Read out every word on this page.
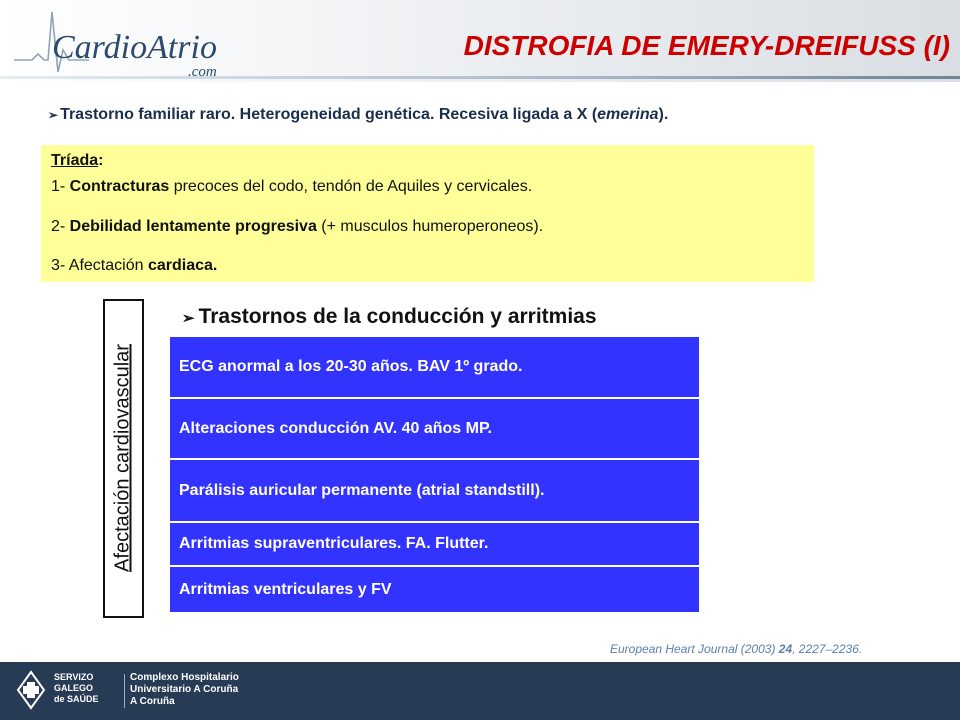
CardioAtrio
.com
DISTROFIA DE EMERY-DREIFUSS (I)
➢ Trastorno familiar raro. Heterogeneidad genética. Recesiva ligada a X (emerina).
Tríada:
1- Contracturas precoces del codo, tendón de Aquiles y cervicales.
2- Debilidad lentamente progresiva (+ musculos humeroperoneos).
3- Afectación cardiaca.
Afectación cardiovascular
➢ Trastornos de la conducción y arritmias
ECG anormal a los 20-30 años. BAV 1º grado.
Alteraciones conducción AV. 40 años MP.
Parálisis auricular permanente (atrial standstill).
Arritmias supraventriculares. FA. Flutter.
Arritmias ventriculares y FV
European Heart Journal (2003) 24, 2227–2236.
SERVIZO
GALEGO
de SAÚDE
Complexo Hospitalario
Universitario A Coruña
A Coruña
